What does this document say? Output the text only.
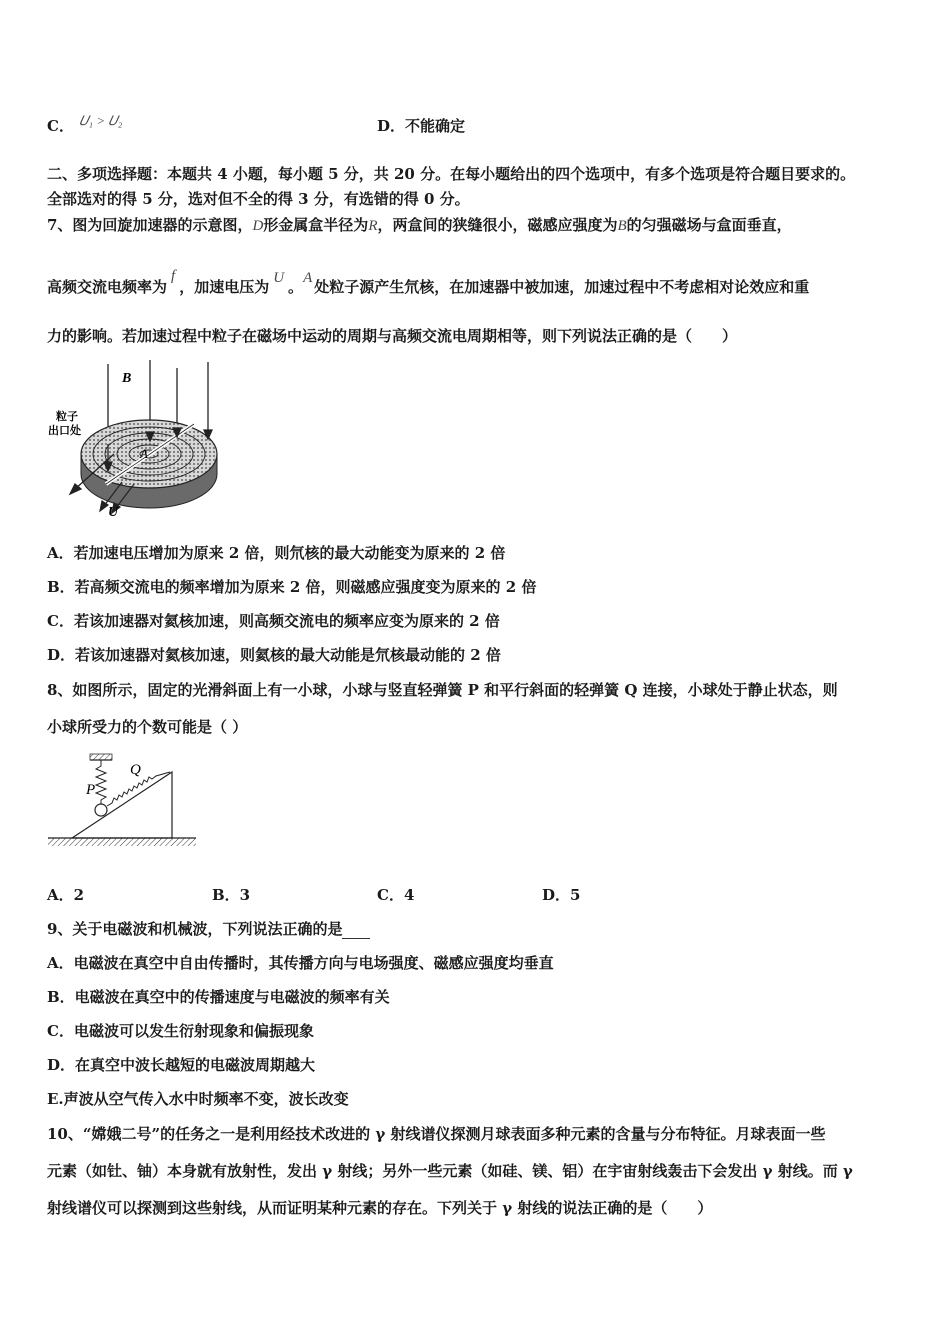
C． 𝑈₁ > 𝑈₂	D．不能确定
二、多项选择题：本题共 4 小题，每小题 5 分，共 20 分。在每小题给出的四个选项中，有多个选项是符合题目要求的。
全部选对的得 5 分，选对但不全的得 3 分，有选错的得 0 分。
7、图为回旋加速器的示意图，D形金属盒半径为R，两盒间的狭缝很小，磁感应强度为B的匀强磁场与盒面垂直，
高频交流电频率为f，加速电压为 U 。A 处粒子源产生氘核，在加速器中被加速，加速过程中不考虑相对论效应和重
力的影响。若加速过程中粒子在磁场中运动的周期与高频交流电周期相等，则下列说法正确的是（　　）
B
粒子
出口处
A
U
A．若加速电压增加为原来 2 倍，则氘核的最大动能变为原来的 2 倍
B．若高频交流电的频率增加为原来 2 倍，则磁感应强度变为原来的 2 倍
C．若该加速器对氦核加速，则高频交流电的频率应变为原来的 2 倍
D．若该加速器对氦核加速，则氦核的最大动能是氘核最动能的 2 倍
8、如图所示，固定的光滑斜面上有一小球，小球与竖直轻弹簧 P 和平行斜面的轻弹簧 Q 连接，小球处于静止状态，则
小球所受力的个数可能是（ ）
P
Q
A．2	B．3	C．4	D．5
9、关于电磁波和机械波，下列说法正确的是
A．电磁波在真空中自由传播时，其传播方向与电场强度、磁感应强度均垂直
B．电磁波在真空中的传播速度与电磁波的频率有关
C．电磁波可以发生衍射现象和偏振现象
D．在真空中波长越短的电磁波周期越大
E.声波从空气传入水中时频率不变，波长改变
10、“嫦娥二号”的任务之一是利用经技术改进的 γ 射线谱仪探测月球表面多种元素的含量与分布特征。月球表面一些
元素（如钍、铀）本身就有放射性，发出 γ 射线；另外一些元素（如硅、镁、铝）在宇宙射线轰击下会发出 γ 射线。而 γ
射线谱仪可以探测到这些射线，从而证明某种元素的存在。下列关于 γ 射线的说法正确的是（　　）
